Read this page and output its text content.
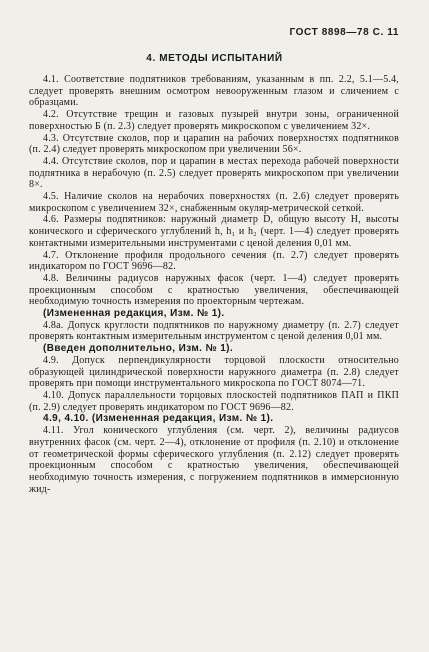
ГОСТ 8898—78 С. 11
4. МЕТОДЫ ИСПЫТАНИЙ

4.1. Соответствие подпятников требованиям, указанным в пп. 2.2, 5.1—5.4, следует проверять внешним осмотром невооруженным глазом и сличением с образцами.

4.2. Отсутствие трещин и газовых пузырей внутри зоны, ограниченной поверхностью Б (п. 2.3) следует проверять микроскопом с увеличением 32×.

4.3. Отсутствие сколов, пор и царапин на рабочих поверхностях подпятников (п. 2.4) следует проверять микроскопом при увеличении 56×.

4.4. Отсутствие сколов, пор и царапин в местах перехода рабочей поверхности подпятника в нерабочую (п. 2.5) следует проверять микроскопом при увеличении 8×.

4.5. Наличие сколов на нерабочих поверхностях (п. 2.6) следует проверять микроскопом с увеличением 32×, снабженным окуляр-метрической сеткой.

4.6. Размеры подпятников: наружный диаметр D, общую высоту H, высоты конического и сферического углублений h, h₁ и h₂ (черт. 1—4) следует проверять контактными измерительными инструментами с ценой деления 0,01 мм.

4.7. Отклонение профиля продольного сечения (п. 2.7) следует проверять индикатором по ГОСТ 9696—82.

4.8. Величины радиусов наружных фасок (черт. 1—4) следует проверять проекционным способом с кратностью увеличения, обеспечивающей необходимую точность измерения по проекторным чертежам.

(Измененная редакция, Изм. № 1).

4.8а. Допуск круглости подпятников по наружному диаметру (п. 2.7) следует проверять контактным измерительным инструментом с ценой деления 0,01 мм.

(Введен дополнительно, Изм. № 1).

4.9. Допуск перпендикулярности торцовой плоскости относительно образующей цилиндрической поверхности наружного диаметра (п. 2.8) следует проверять при помощи инструментального микроскопа по ГОСТ 8074—71.

4.10. Допуск параллельности торцовых плоскостей подпятников ПАП и ПКП (п. 2.9) следует проверять индикатором по ГОСТ 9696—82.

4.9, 4.10. (Измененная редакция, Изм. № 1).

4.11. Угол конического углубления (см. черт. 2), величины радиусов внутренних фасок (см. черт. 2—4), отклонение от профиля (п. 2.10) и отклонение от геометрической формы сферического углубления (п. 2.12) следует проверять проекционным способом с кратностью увеличения, обеспечивающей необходимую точность измерения, с погружением подпятников в иммерсионную жид-
